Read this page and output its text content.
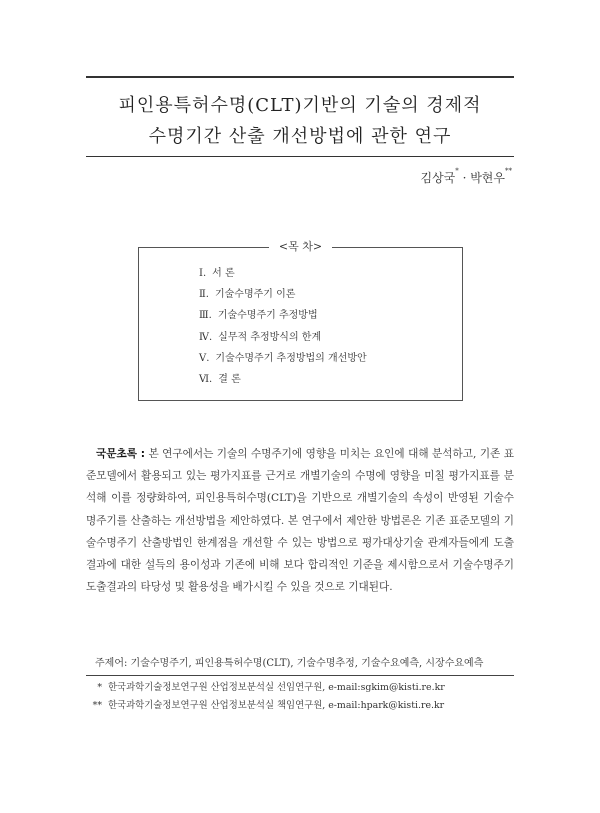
피인용특허수명(CLT)기반의 기술의 경제적
수명기간 산출 개선방법에 관한 연구
김상국* · 박현우**
<목 차>
Ⅰ. 서 론
Ⅱ. 기술수명주기 이론
Ⅲ. 기술수명주기 추정방법
Ⅳ. 실무적 추정방식의 한계
Ⅴ. 기술수명주기 추정방법의 개선방안
Ⅵ. 결 론
국문초록 : 본 연구에서는 기술의 수명주기에 영향을 미치는 요인에 대해 분석하고, 기존 표준모델에서 활용되고 있는 평가지표를 근거로 개별기술의 수명에 영향을 미칠 평가지표를 분석해 이를 정량화하여, 피인용특허수명(CLT)을 기반으로 개별기술의 속성이 반영된 기술수명주기를 산출하는 개선방법을 제안하였다. 본 연구에서 제안한 방법론은 기존 표준모델의 기술수명주기 산출방법인 한계점을 개선할 수 있는 방법으로 평가대상기술 관계자들에게 도출결과에 대한 설득의 용이성과 기존에 비해 보다 합리적인 기준을 제시함으로서 기술수명주기 도출결과의 타당성 및 활용성을 배가시킬 수 있을 것으로 기대된다.
주제어: 기술수명주기, 피인용특허수명(CLT), 기술수명추정, 기술수요예측, 시장수요예측
* 한국과학기술정보연구원 산업정보분석실 선임연구원, e-mail:sgkim@kisti.re.kr
** 한국과학기술정보연구원 산업정보분석실 책임연구원, e-mail:hpark@kisti.re.kr
